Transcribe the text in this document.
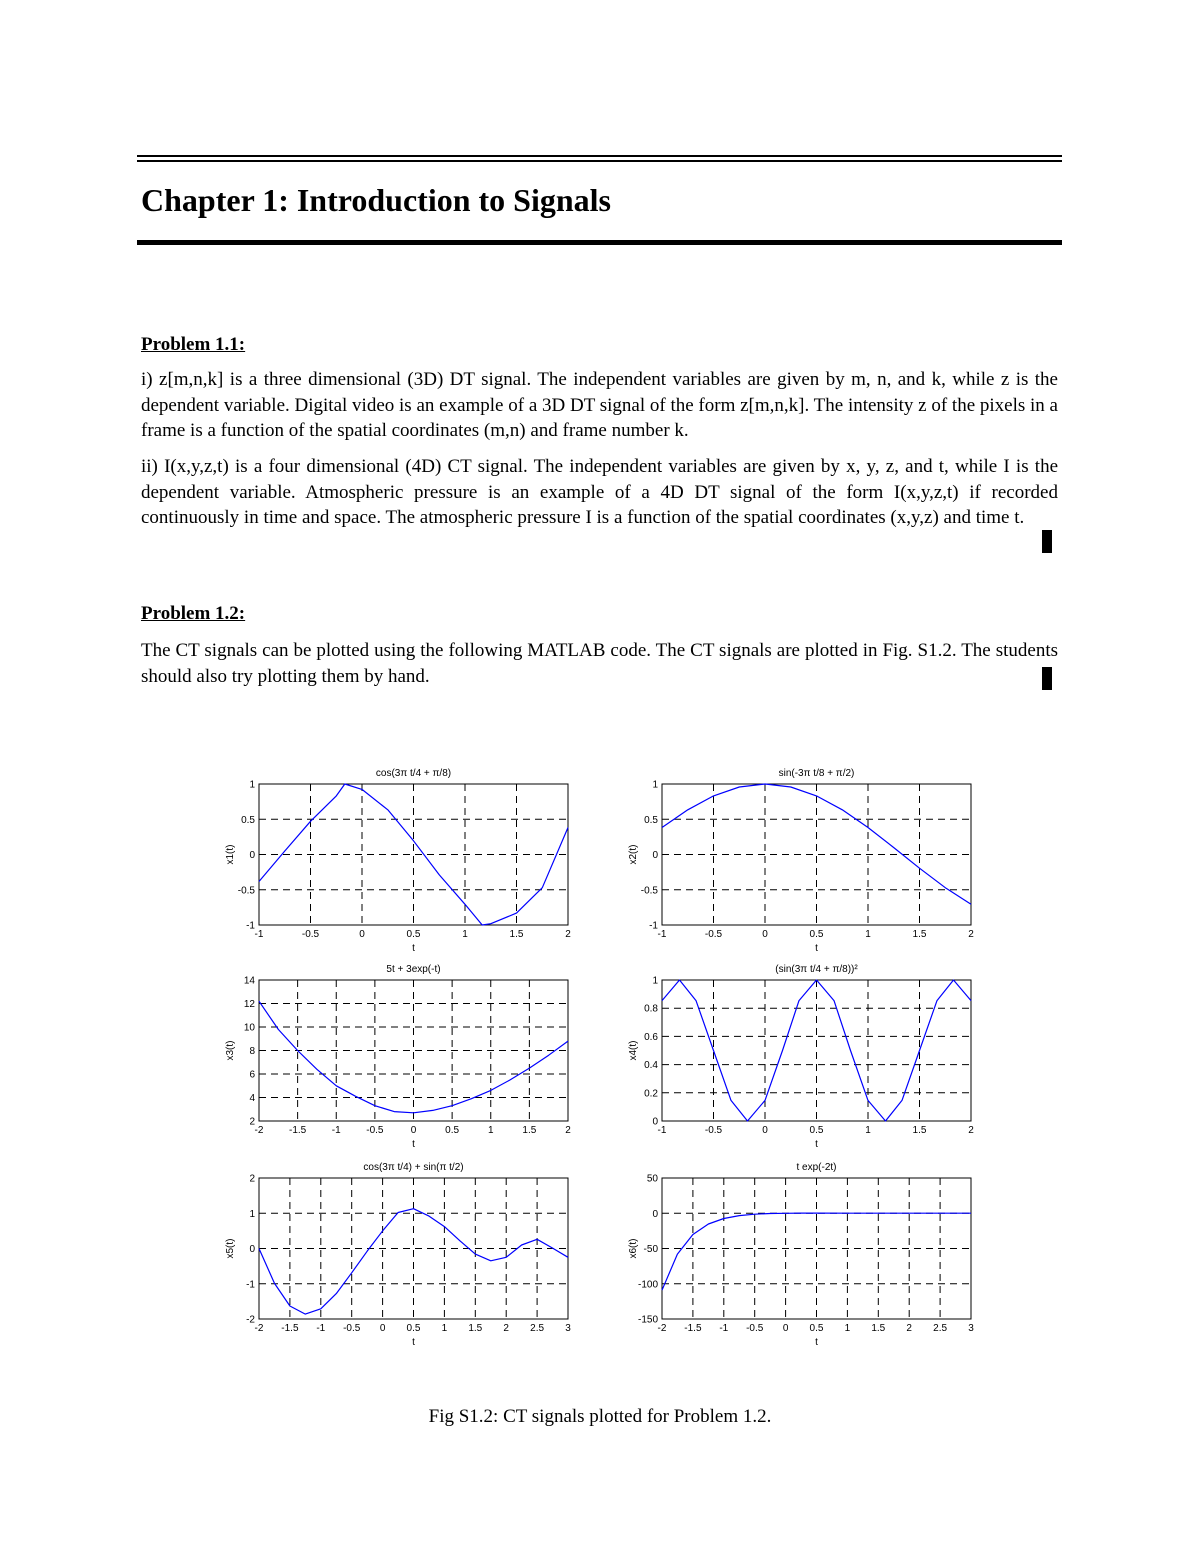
Chapter 1: Introduction to Signals
Problem 1.1:
i) z[m,n,k] is a three dimensional (3D) DT signal. The independent variables are given by m, n, and k, while z is the dependent variable. Digital video is an example of a 3D DT signal of the form z[m,n,k]. The intensity z of the pixels in a frame is a function of the spatial coordinates (m,n) and frame number k.
ii) I(x,y,z,t) is a four dimensional (4D) CT signal. The independent variables are given by x, y, z, and t, while I is the dependent variable. Atmospheric pressure is an example of a 4D DT signal of the form I(x,y,z,t) if recorded continuously in time and space. The atmospheric pressure I is a function of the spatial coordinates (x,y,z) and time t.
Problem 1.2:
The CT signals can be plotted using the following MATLAB code. The CT signals are plotted in Fig. S1.2. The students should also try plotting them by hand.
-1	-0.5	0	0.5	1	1.5	2
-1
-0.5
0
0.5
1
cos(3π t/4 + π/8)
t
x1(t)
-1	-0.5	0	0.5	1	1.5	2
-1
-0.5
0
0.5
1
sin(-3π t/8 + π/2)
t
x2(t)
-2	-1.5	-1	-0.5	0	0.5	1	1.5	2
2
4
6
8
10
12
14
5t + 3exp(-t)
t
x3(t)
-1	-0.5	0	0.5	1	1.5	2
0
0.2
0.4
0.6
0.8
1
(sin(3π t/4 + π/8))²
t
x4(t)
-2 -1.5 -1 -0.5 0 0.5 1 1.5 2 2.5 3
-2
-1
0
1
2
cos(3π t/4) + sin(π t/2)
t
x5(t)
-2 -1.5 -1 -0.5 0 0.5 1 1.5 2 2.5 3
-150
-100
-50
0
50
t exp(-2t)
t
x6(t)
Fig S1.2: CT signals plotted for Problem 1.2.
